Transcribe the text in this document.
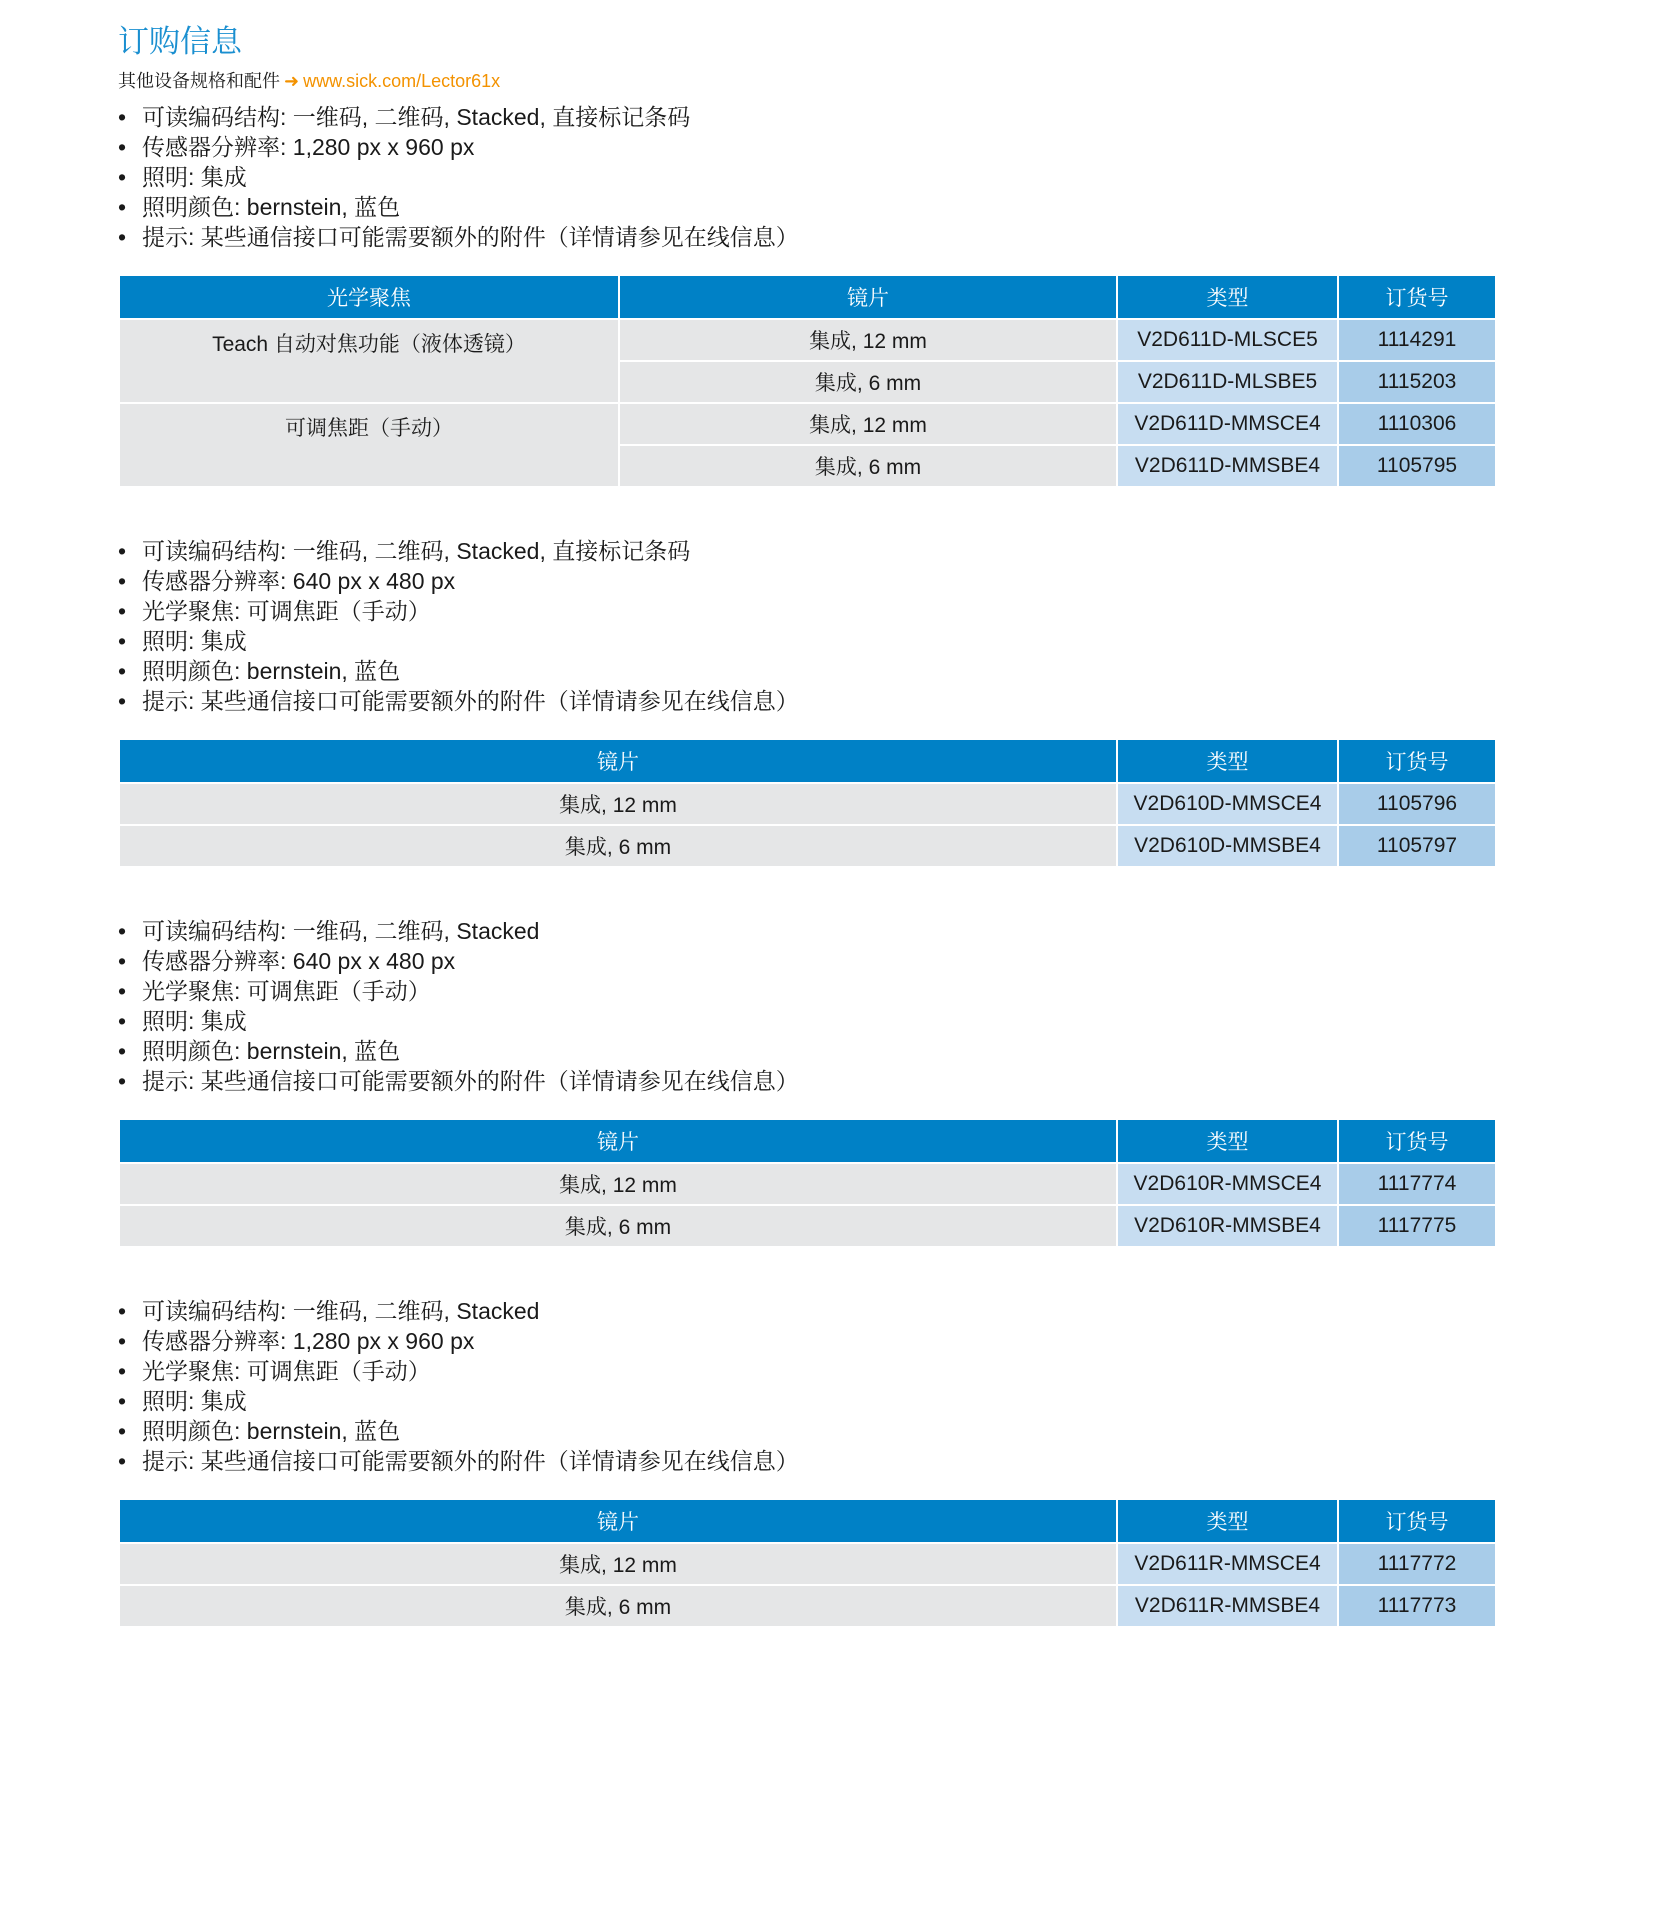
订购信息
其他设备规格和配件 ➜ www.sick.com/Lector61x
• 可读编码结构: 一维码, 二维码, Stacked, 直接标记条码
• 传感器分辨率: 1,280 px x 960 px
• 照明: 集成
• 照明颜色: bernstein, 蓝色
• 提示: 某些通信接口可能需要额外的附件（详情请参见在线信息）
光学聚焦	镜片	类型	订货号
Teach 自动对焦功能（液体透镜）	集成, 12 mm	V2D611D-MLSCE5	1114291
	集成, 6 mm	V2D611D-MLSBE5	1115203
可调焦距（手动）	集成, 12 mm	V2D611D-MMSCE4	1110306
	集成, 6 mm	V2D611D-MMSBE4	1105795
• 可读编码结构: 一维码, 二维码, Stacked, 直接标记条码
• 传感器分辨率: 640 px x 480 px
• 光学聚焦: 可调焦距（手动）
• 照明: 集成
• 照明颜色: bernstein, 蓝色
• 提示: 某些通信接口可能需要额外的附件（详情请参见在线信息）
镜片	类型	订货号
集成, 12 mm	V2D610D-MMSCE4	1105796
集成, 6 mm	V2D610D-MMSBE4	1105797
• 可读编码结构: 一维码, 二维码, Stacked
• 传感器分辨率: 640 px x 480 px
• 光学聚焦: 可调焦距（手动）
• 照明: 集成
• 照明颜色: bernstein, 蓝色
• 提示: 某些通信接口可能需要额外的附件（详情请参见在线信息）
镜片	类型	订货号
集成, 12 mm	V2D610R-MMSCE4	1117774
集成, 6 mm	V2D610R-MMSBE4	1117775
• 可读编码结构: 一维码, 二维码, Stacked
• 传感器分辨率: 1,280 px x 960 px
• 光学聚焦: 可调焦距（手动）
• 照明: 集成
• 照明颜色: bernstein, 蓝色
• 提示: 某些通信接口可能需要额外的附件（详情请参见在线信息）
镜片	类型	订货号
集成, 12 mm	V2D611R-MMSCE4	1117772
集成, 6 mm	V2D611R-MMSBE4	1117773
